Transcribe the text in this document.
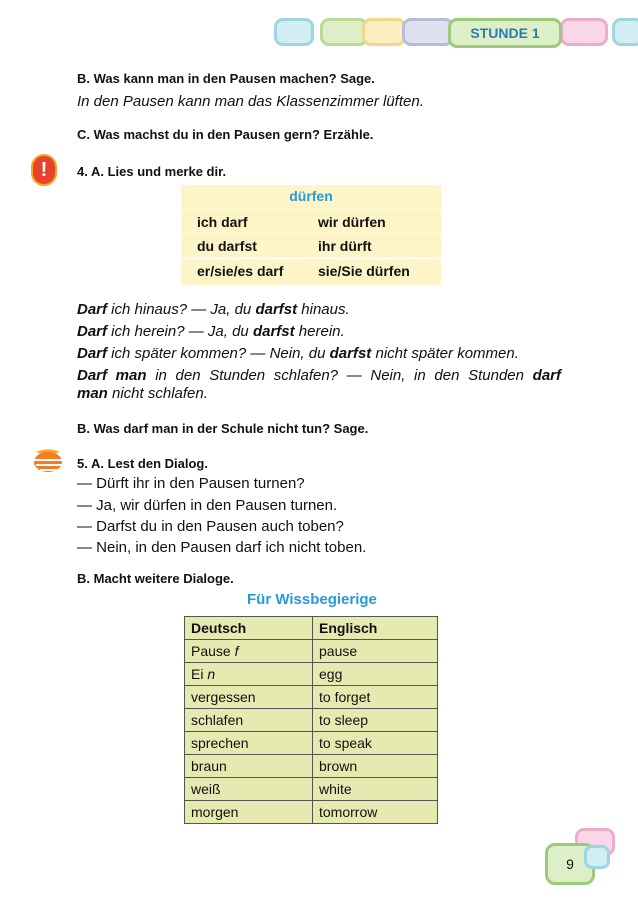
STUNDE 1
B. Was kann man in den Pausen machen? Sage.
In den Pausen kann man das Klassenzimmer lüften.
C. Was machst du in den Pausen gern? Erzähle.
!	4. A. Lies und merke dir.
dürfen
ich darf	wir dürfen
du darfst	ihr dürft
er/sie/es darf sie/Sie dürfen
Darf ich hinaus? — Ja, du darfst hinaus.
Darf ich herein? — Ja, du darfst herein.
Darf ich später kommen? — Nein, du darfst nicht später kommen.
Darf man in den Stunden schlafen? — Nein, in den Stunden darf
man nicht schlafen.
B. Was darf man in der Schule nicht tun? Sage.
5. A. Lest den Dialog.
— Dürft ihr in den Pausen turnen?
— Ja, wir dürfen in den Pausen turnen.
— Darfst du in den Pausen auch toben?
— Nein, in den Pausen darf ich nicht toben.
B. Macht weitere Dialoge.
Für Wissbegierige
Deutsch	Englisch
Pause f	pause
Ei n	egg
vergessen	to forget
schlafen	to sleep
sprechen	to speak
braun	brown
weiß	white
morgen	tomorrow
9
